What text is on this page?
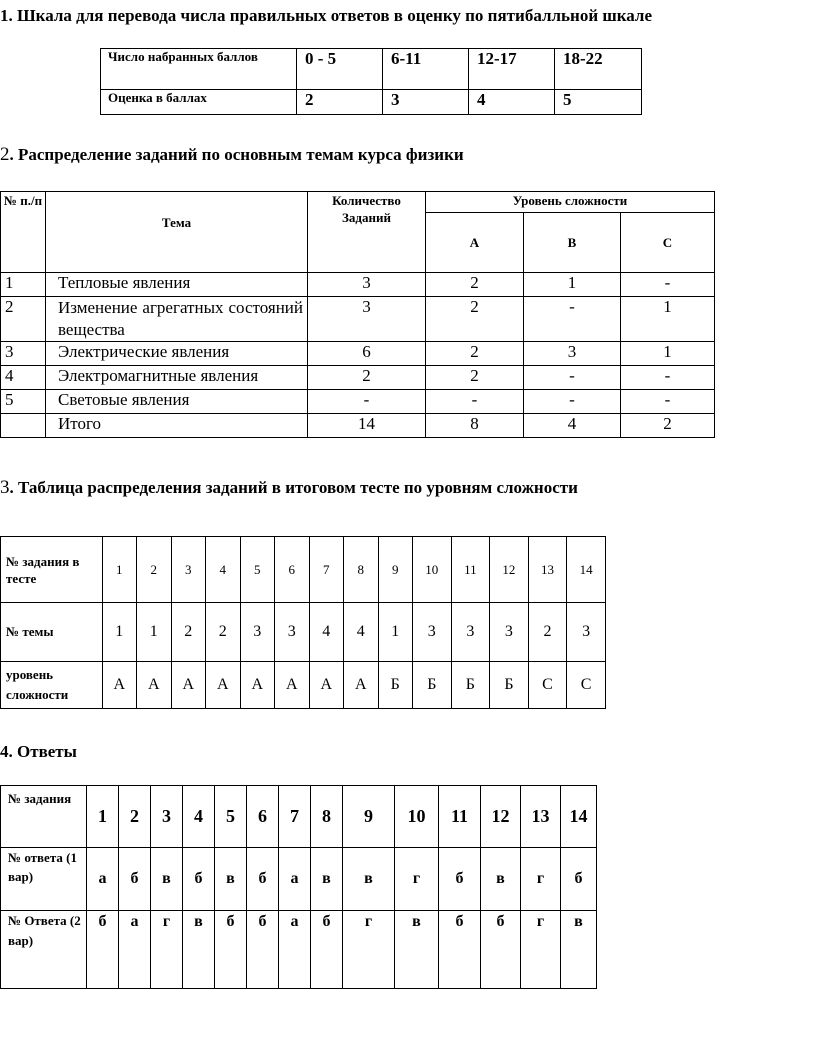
1. Шкала для перевода числа правильных ответов в оценку по пятибалльной шкале
Число набранных баллов	0 - 5	6-11	12-17	18-22
Оценка в баллах	2	3	4	5
2. Распределение заданий по основным темам курса физики
№ п./п	Тема	Количество Заданий	Уровень сложности		
			А	В	С
1	Тепловые явления	3	2	1	-
2	Изменение агрегатных состояний вещества	3	2	-	1
3	Электрические явления	6	2	3	1
4	Электромагнитные явления	2	2	-	-
5	Световые явления	-	-	-	-
	Итого	14	8	4	2
3. Таблица распределения заданий в итоговом тесте по уровням сложности
№ задания в тесте	1	2	3	4	5	6	7	8	9	10	11	12	13	14
№ темы	1	1	2	2	3	3	4	4	1	3	3	3	2	3
уровень сложности	А	А	А	А	А	А	А	А	Б	Б	Б	Б	С	С
4. Ответы
№ задания	1	2	3	4	5	6	7	8	9	10	11	12	13	14
№ ответа (1 вар)	а	б	в	б	в	б	а	в	в	г	б	в	г	б
№ Ответа (2 вар)	б	а	г	в	б	б	а	б	г	в	б	б	г	в
